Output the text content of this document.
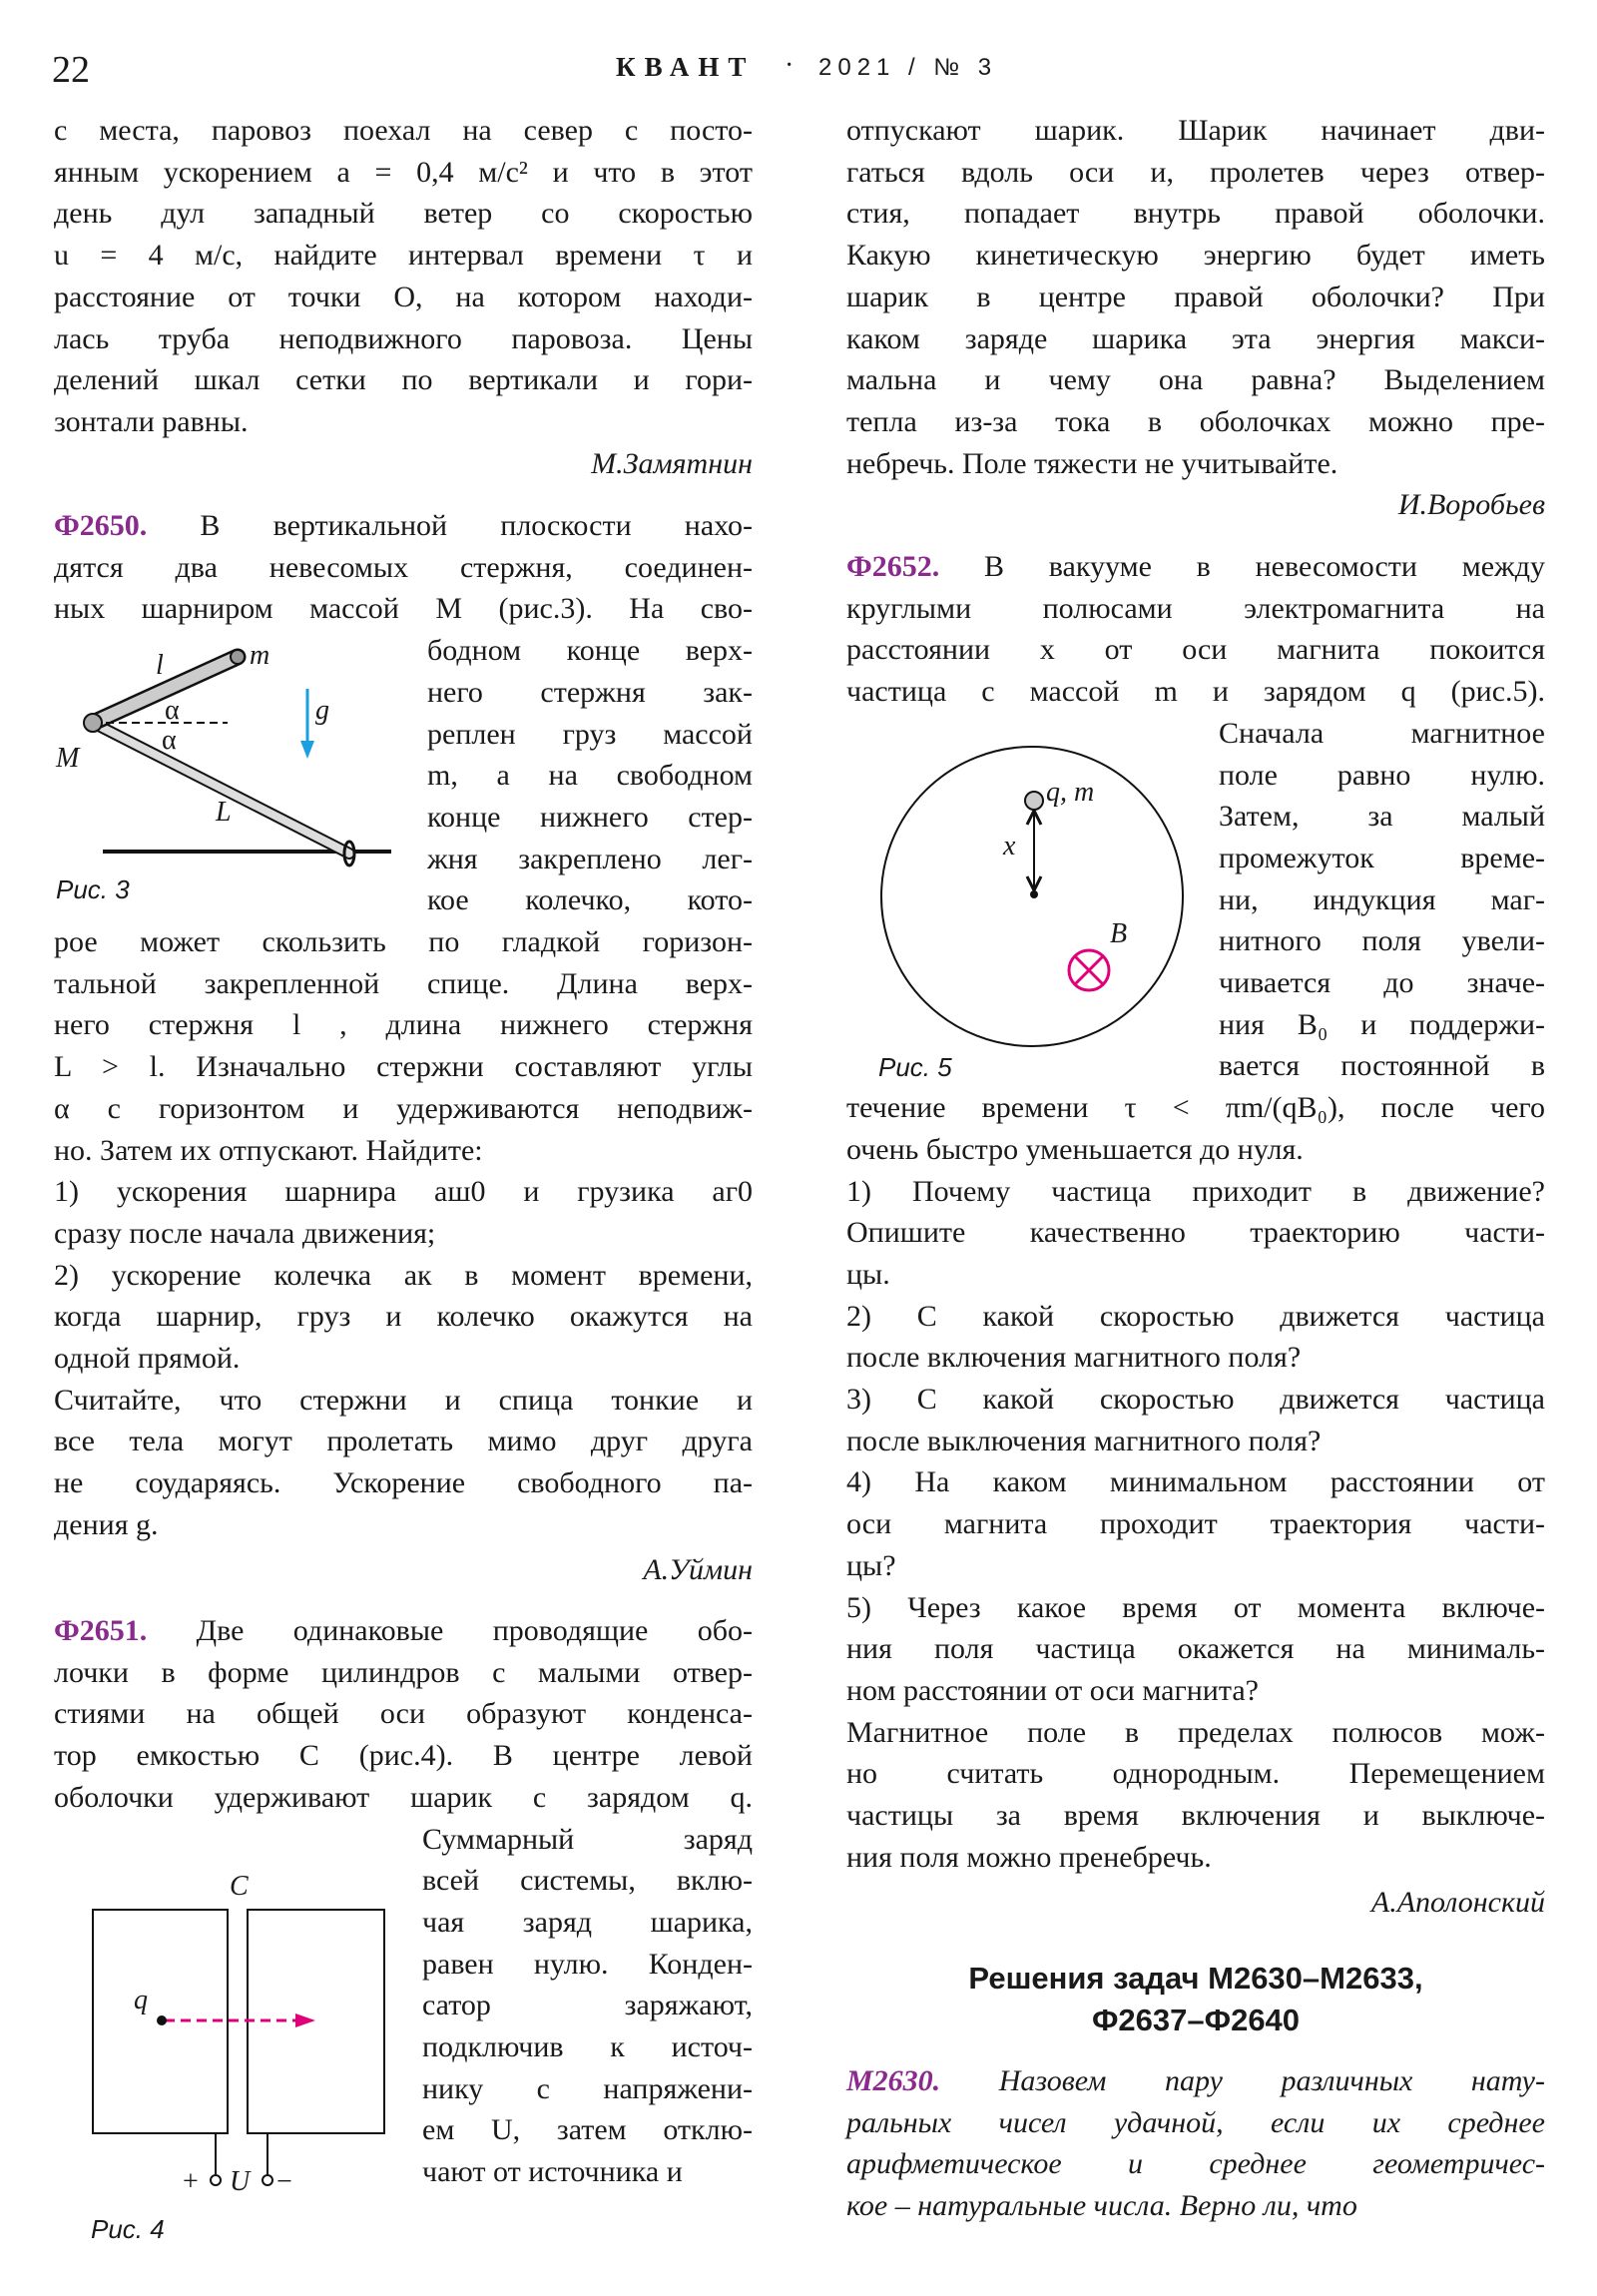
22	КВАНТ · 2021 / № 3
с места, паровоз поехал на север с посто-
янным ускорением a = 0,4 м/с² и что в этот
день дул западный ветер со скоростью
u = 4 м/с, найдите интервал времени τ и
расстояние от точки O, на котором находи-
лась труба неподвижного паровоза. Цены
делений шкал сетки по вертикали и гори-
зонтали равны.
М.Замятнин
Ф2650. В вертикальной плоскости нахо-
дятся два невесомых стержня, соединен-
ных шарниром массой M (рис.3). На сво-
бодном конце верх-
него стержня зак-
реплен груз массой
m, а на свободном
конце нижнего стер-
жня закреплено лег-
кое колечко, кото-
рое может скользить по гладкой горизон-
тальной закрепленной спице. Длина верх-
него стержня l , длина нижнего стержня
L > l. Изначально стержни составляют углы
α с горизонтом и удерживаются неподвиж-
но. Затем их отпускают. Найдите:
1) ускорения шарнира aш0 и грузика aг0
сразу после начала движения;
2) ускорение колечка aк в момент времени,
когда шарнир, груз и колечко окажутся на
одной прямой.
Считайте, что стержни и спица тонкие и
все тела могут пролетать мимо друг друга
не соударяясь. Ускорение свободного па-
дения g.
А.Уймин
Ф2651. Две одинаковые проводящие обо-
лочки в форме цилиндров с малыми отвер-
стиями на общей оси образуют конденса-
тор емкостью C (рис.4). В центре левой
оболочки удерживают шарик с зарядом q.
Суммарный заряд
всей системы, вклю-
чая заряд шарика,
равен нулю. Конден-
сатор заряжают,
подключив к источ-
нику с напряжени-
ем U, затем отклю-
чают от источника и
отпускают шарик. Шарик начинает дви-
гаться вдоль оси и, пролетев через отвер-
стия, попадает внутрь правой оболочки.
Какую кинетическую энергию будет иметь
шарик в центре правой оболочки? При
каком заряде шарика эта энергия макси-
мальна и чему она равна? Выделением
тепла из-за тока в оболочках можно пре-
небречь. Поле тяжести не учитывайте.
И.Воробьев
Ф2652. В вакууме в невесомости между
круглыми полюсами электромагнита на
расстоянии x от оси магнита покоится
частица с массой m и зарядом q (рис.5).
Сначала магнитное
поле равно нулю.
Затем, за малый
промежуток време-
ни, индукция маг-
нитного поля увели-
чивается до значе-
ния B₀ и поддержи-
вается постоянной в
течение времени τ < πm/(qB₀), после чего
очень быстро уменьшается до нуля.
1) Почему частица приходит в движение?
Опишите качественно траекторию части-
цы.
2) С какой скоростью движется частица
после включения магнитного поля?
3) С какой скоростью движется частица
после выключения магнитного поля?
4) На каком минимальном расстоянии от
оси магнита проходит траектория части-
цы?
5) Через какое время от момента включе-
ния поля частица окажется на минималь-
ном расстоянии от оси магнита?
Магнитное поле в пределах полюсов мож-
но считать однородным. Перемещением
частицы за время включения и выключе-
ния поля можно пренебречь.
А.Аполонский
Решения задач М2630–М2633,
Ф2637–Ф2640
М2630. Назовем пару различных нату-
ральных чисел удачной, если их среднее
арифметическое и среднее геометричес-
кое – натуральные числа. Верно ли, что
l	m
α
α
M
L
g
Рис. 3
C
q
+ U −
Рис. 4
q, m
x
B
Рис. 5
